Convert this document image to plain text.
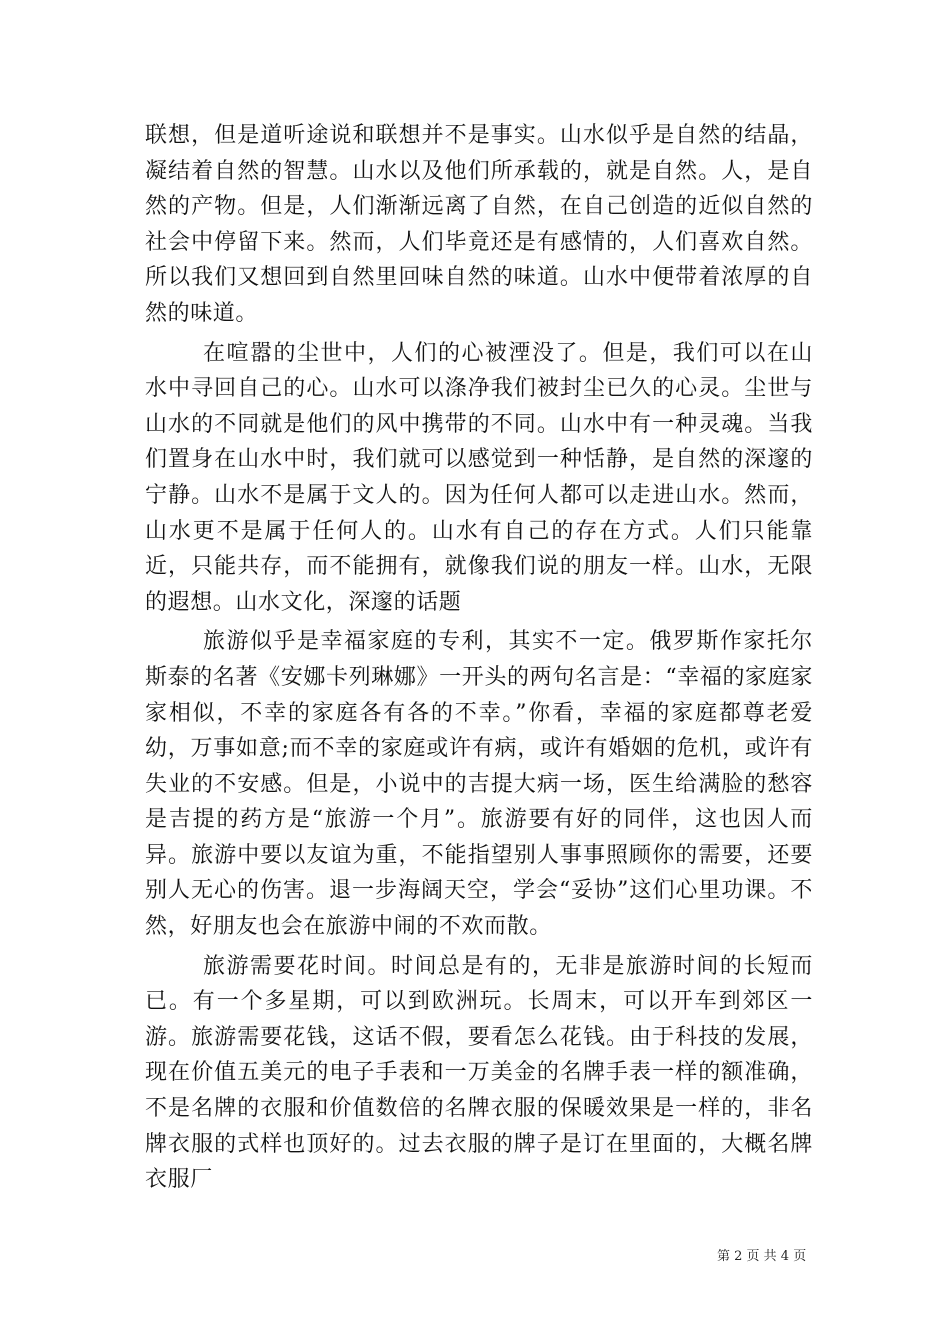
联想，但是道听途说和联想并不是事实。山水似乎是自然的结晶，凝结着自然的智慧。山水以及他们所承载的，就是自然。人，是自然的产物。但是，人们渐渐远离了自然，在自己创造的近似自然的社会中停留下来。然而，人们毕竟还是有感情的，人们喜欢自然。所以我们又想回到自然里回味自然的味道。山水中便带着浓厚的自然的味道。

在喧嚣的尘世中，人们的心被湮没了。但是，我们可以在山水中寻回自己的心。山水可以涤净我们被封尘已久的心灵。尘世与山水的不同就是他们的风中携带的不同。山水中有一种灵魂。当我们置身在山水中时，我们就可以感觉到一种恬静，是自然的深邃的宁静。山水不是属于文人的。因为任何人都可以走进山水。然而，山水更不是属于任何人的。山水有自己的存在方式。人们只能靠近，只能共存，而不能拥有，就像我们说的朋友一样。山水，无限的遐想。山水文化，深邃的话题

旅游似乎是幸福家庭的专利，其实不一定。俄罗斯作家托尔斯泰的名著《安娜卡列琳娜》一开头的两句名言是：“幸福的家庭家家相似，不幸的家庭各有各的不幸。”你看，幸福的家庭都尊老爱幼，万事如意;而不幸的家庭或许有病，或许有婚姻的危机，或许有失业的不安感。但是，小说中的吉提大病一场，医生给满脸的愁容是吉提的药方是“旅游一个月”。旅游要有好的同伴，这也因人而异。旅游中要以友谊为重，不能指望别人事事照顾你的需要，还要别人无心的伤害。退一步海阔天空，学会“妥协”这们心里功课。不然，好朋友也会在旅游中闹的不欢而散。

旅游需要花时间。时间总是有的，无非是旅游时间的长短而已。有一个多星期，可以到欧洲玩。长周末，可以开车到郊区一游。旅游需要花钱，这话不假，要看怎么花钱。由于科技的发展，现在价值五美元的电子手表和一万美金的名牌手表一样的额准确，不是名牌的衣服和价值数倍的名牌衣服的保暖效果是一样的，非名牌衣服的式样也顶好的。过去衣服的牌子是订在里面的，大概名牌衣服厂

第 2 页 共 4 页
